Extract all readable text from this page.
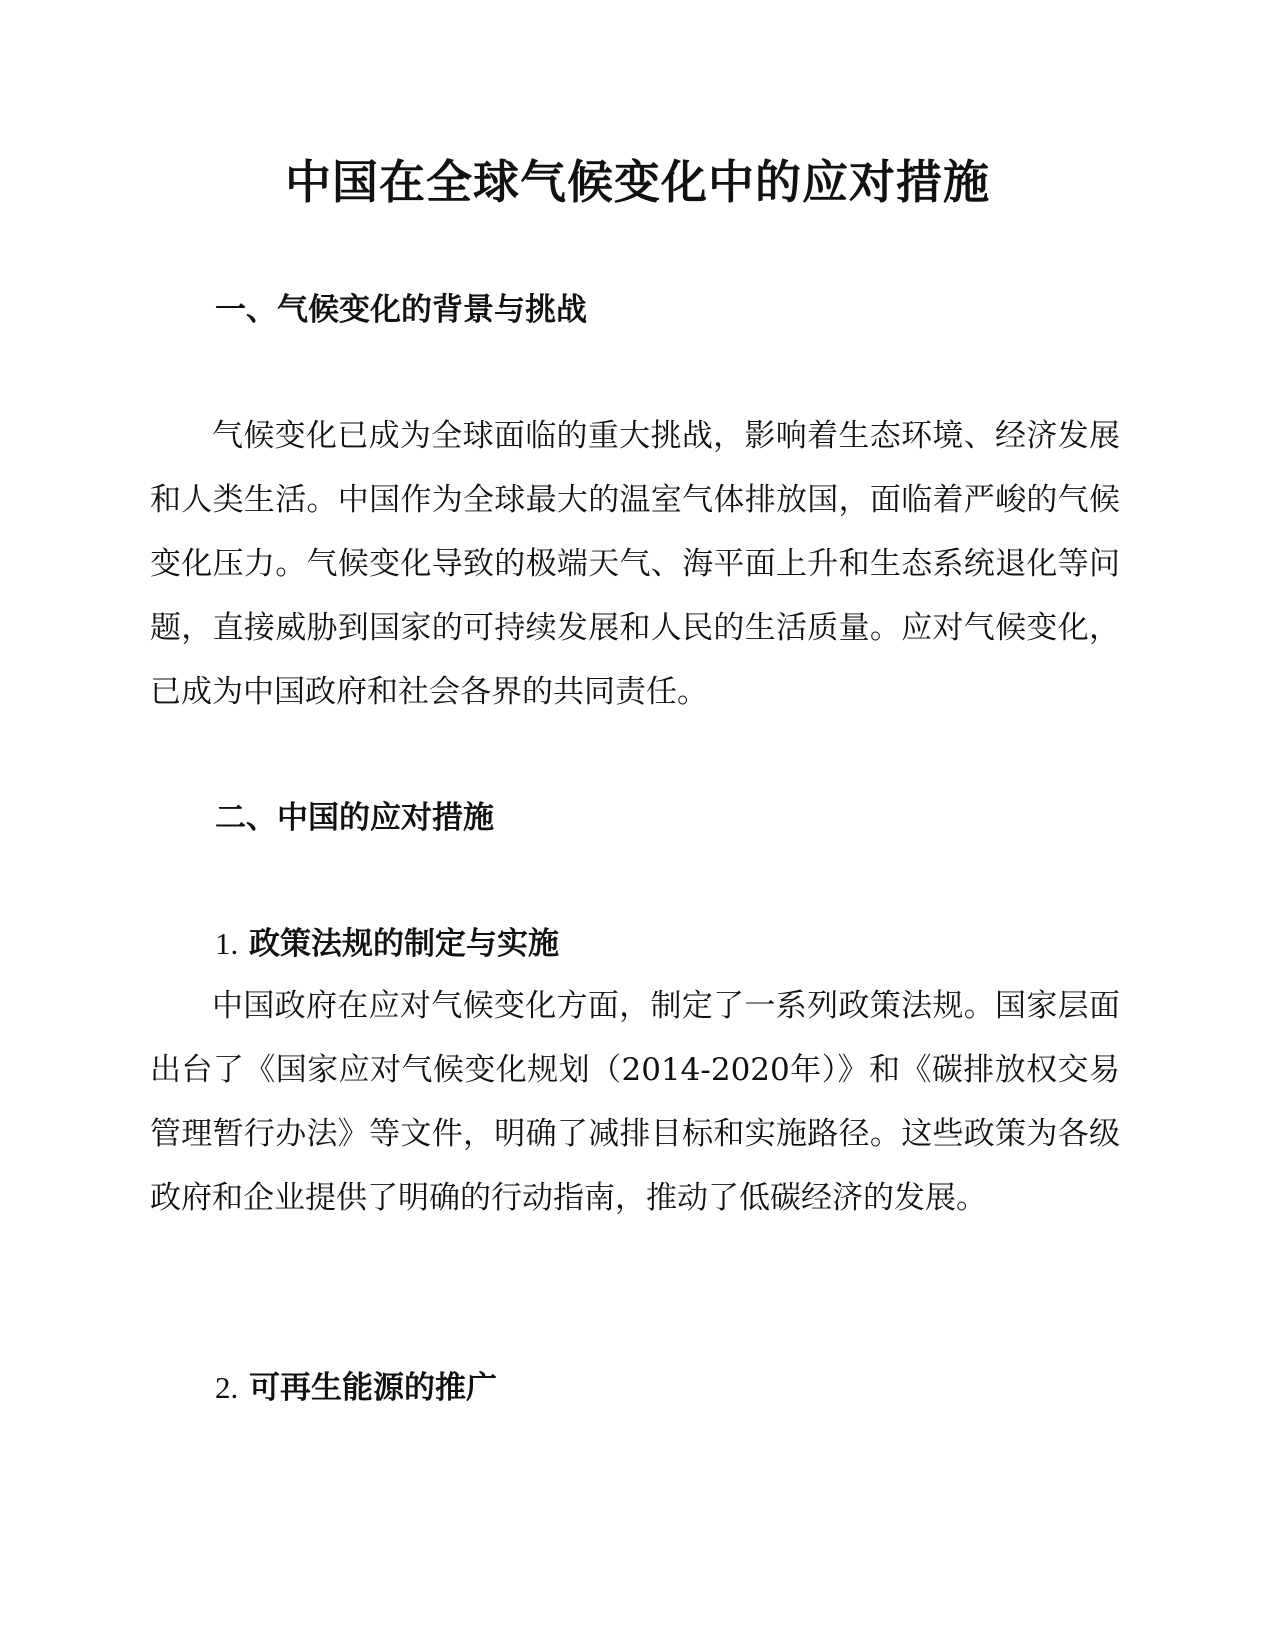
中国在全球气候变化中的应对措施
一、气候变化的背景与挑战

气候变化已成为全球面临的重大挑战，影响着生态环境、经济发展和人类生活。中国作为全球最大的温室气体排放国，面临着严峻的气候变化压力。气候变化导致的极端天气、海平面上升和生态系统退化等问题，直接威胁到国家的可持续发展和人民的生活质量。应对气候变化，已成为中国政府和社会各界的共同责任。

二、中国的应对措施
1. 政策法规的制定与实施

中国政府在应对气候变化方面，制定了一系列政策法规。国家层面出台了《国家应对气候变化规划（2014-2020年）》和《碳排放权交易管理暂行办法》等文件，明确了减排目标和实施路径。这些政策为各级政府和企业提供了明确的行动指南，推动了低碳经济的发展。

2. 可再生能源的推广
